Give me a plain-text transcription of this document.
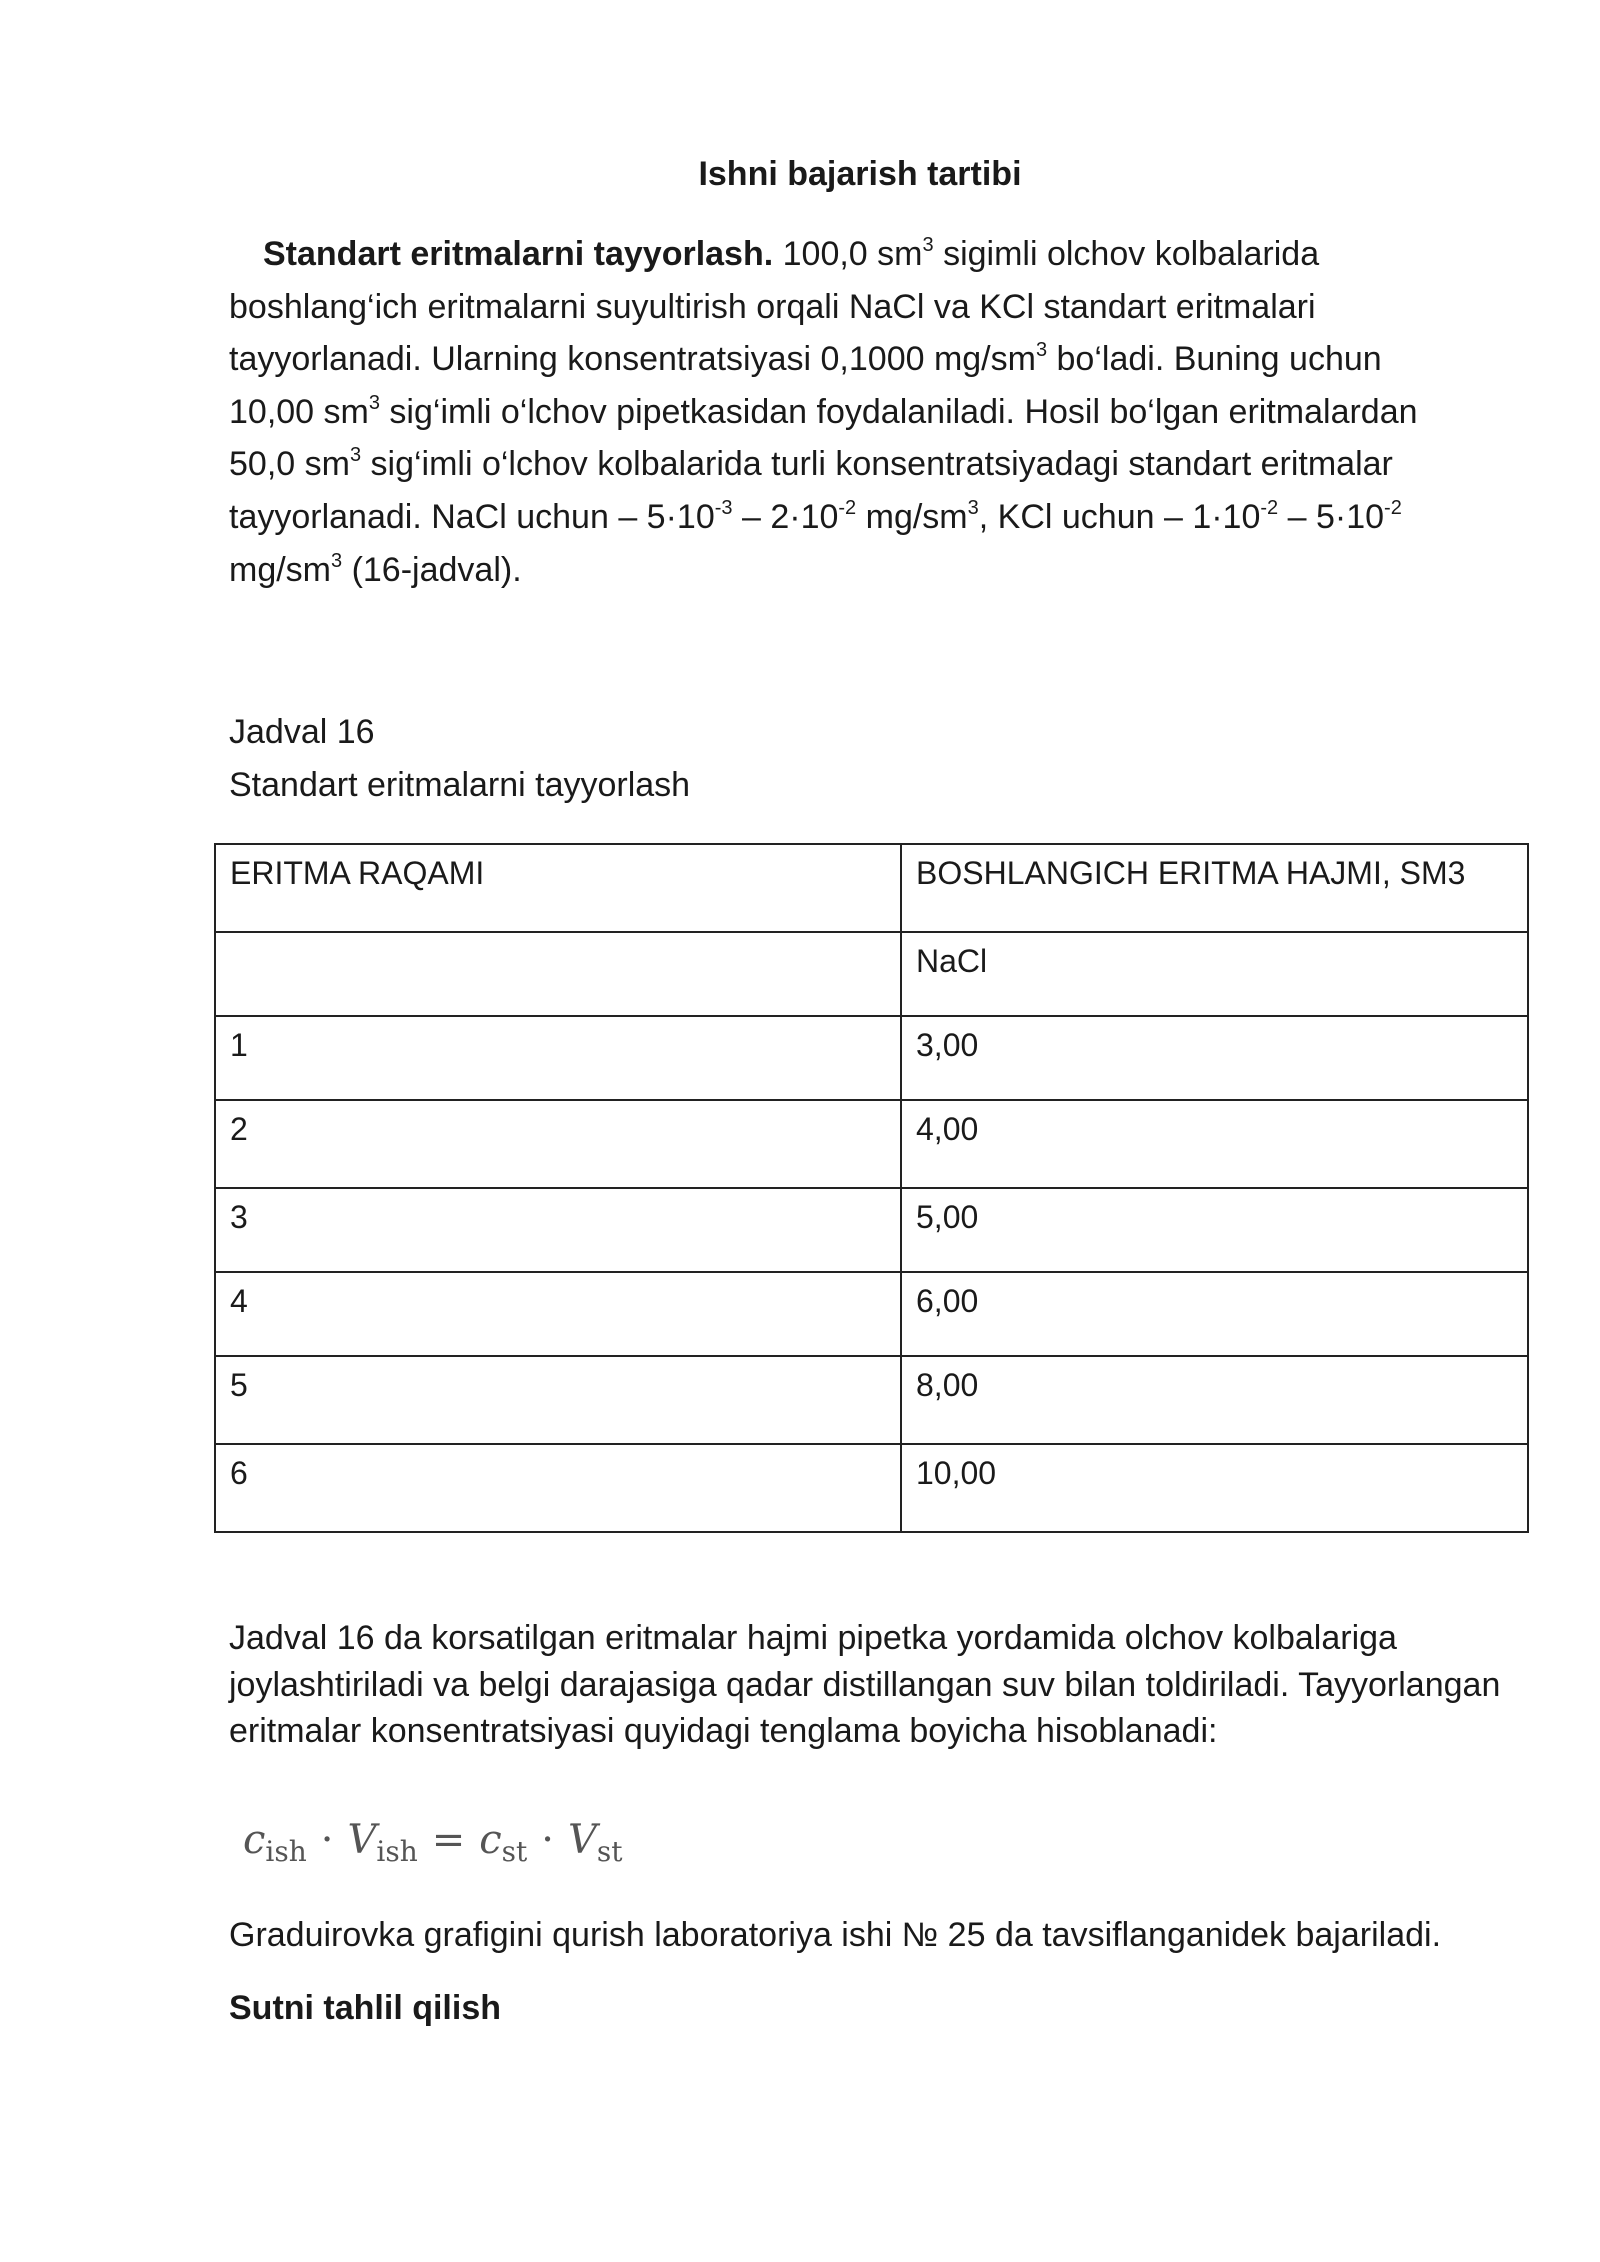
Ishni bajarish tartibi
Standart eritmalarni tayyorlash. 100,0 $sm^3$ sigimli olchov kolbalarida boshlang‘ich eritmalarni suyultirish orqali NaCl va KCl standart eritmalari tayyorlanadi. Ularning konsentratsiyasi 0,1000 $mg/sm^3$ bo‘ladi. Buning uchun 10,00 $sm^3$ sig‘imli o‘lchov pipetkasidan foydalaniladi. Hosil bo‘lgan eritmalardan 50,0 $sm^3$ sig‘imli o‘lchov kolbalarida turli konsentratsiyadagi standart eritmalar tayyorlanadi. NaCl uchun – $5\cdot 10^{-3} - 2\cdot 10^{-2}$ $mg/sm^3$, KCl uchun – $1\cdot 10^{-2} - 5\cdot 10^{-2}$
$mg/sm^3$ (16-jadval).
Jadval 16
Standart eritmalarni tayyorlash
ERITMA RAQAMI	BOSHLANGICH ERITMA HAJMI, SM3
	NaCl
1	3,00
2	4,00
3	5,00
4	6,00
5	8,00
6	10,00
Jadval 16 da korsatilgan eritmalar hajmi pipetka yordamida olchov kolbalariga joylashtiriladi va belgi darajasiga qadar distillangan suv bilan toldiriladi. Tayyorlangan eritmalar konsentratsiyasi quyidagi tenglama boyicha hisoblanadi:
$c_{ish} \cdot V_{ish} = c_{st} \cdot V_{st}$
Graduirovka grafigini qurish laboratoriya ishi № 25 da tavsiflanganidek bajariladi.
Sutni tahlil qilish
